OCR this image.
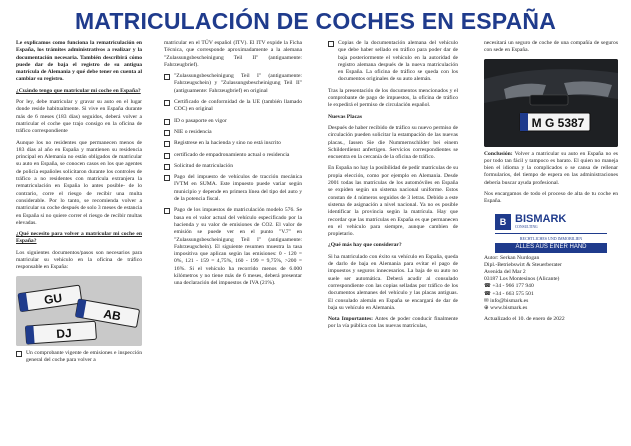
MATRICULACIÓN DE COCHES EN ESPAÑA

Le explicamos como funciona la rematriculación en España, los trámites administrativos a realizar y la documentación necesaria. También describirá cómo puede dar de baja el registro de su antigua matrícula de Alemania y qué debe tener en cuenta al cambiar su registro.

¿Cuándo tengo que matricular mi coche en España?

Por ley, debe matricular y gravar su auto en el lugar donde reside habitualmente. Si vive en España durante más de 6 meses (183 días) seguidos, deberá volver a matricular el coche que trajo consigo en la oficina de tráfico correspondiente

Aunque los no residentes que permanecen menos de 183 días al año en España y mantienen su residencia principal en Alemania no están obligados de matricular su auto en España, se conocen casos en los que agentes de policía españoles solicitaron durante los controles de tráfico a no residentes con matrícula extranjera la rematriculación en España lo antes posible- de lo contrario, corre el riesgo de recibir una multa considerable. Por lo tanto, se recomienda volver a matricular su coche después de solo 3 meses de estancia en España si no quiere correr el riesgo de recibir multas elevadas.

¿Qué necesito para volver a matricular mi coche en España?

Los siguientes documentos/pasos son necesarios para matricular su vehículo en la oficina de tráfico responsable en España:

GU
AB
DJ
Un comprobante vigente de emisiones e inspección general del coche para volver a

matricular en el TÜV español (ITV). El ITV expide la Ficha Técnica, que corresponde aproximadamente a la alemana "Zulassungsbescheinigung Teil II" (antiguamente: Fahrzeugbrief).

"Zulassungsbescheinigung Teil I" (antiguamente: Fahrzeugschein) y "Zulassungsbescheinigung Teil II" (antiguamente: Fahrzeugbrief) en original
Certificado de conformidad de la UE (también llamado COC) en original
ID o pasaporte en vigor
NIE o residencia
Registrese en la hacienda y sino no está inscrito
certificado de empadronamiento actual o residencia
Solicitud de matriculación
Pago del impuesto de vehículos de tracción mecánica IVTM en SUMA. Este impuesto puede variar según municipio y depende en primera línea del tipo del auto y de la potencia fiscal.
Pago de los impuestos de matriculación modelo 576. Se basa en el valor actual del vehículo especificado por la hacienda y su valor de emisiones de CO2. El valor de emisión se puede ver en el punto "V.7" en "Zulassungsbescheinigung Teil I" (antiguamente: Fahrzeugschein). El siguiente resumen muestra la tasa impositiva que aplican según las emisiones: 0 - 120 = 0%, 121 - 159 = 4,75%, 160 - 199 = 9,75%, >200 = 16%. Si el vehículo ha recorrido menos de 6.000 kilómetros y no tiene más de 6 meses, deberá presentar una declaración del impuestos de IVA (21%).
Copias de la documentación alemana del vehículo que debe haber sellado en tráfico para poder dar de baja posteriormente el vehículo en la autoridad de registro alemana después de la nueva matriculación en España. La oficina de tráfico se queda con los documentos originales de su auto alemán.

Tras la presentación de los documentos mencionados y el comprobante de pago de impuestos, la oficina de tráfico le expedirá el permiso de circulación español.

Nuevas Placas

Después de haber recibido de tráfico su nuevo permiso de circulación pueden solicitar la estampación de las nuevas placas., Iassen Sie die Nummernschilder bei einem Schilderdienst anfertigen. Servicios correspondientes se encuentra en la cercanía de la oficina de tráfico.

En España no hay la posibilidad de pedir matrículas de su propia elección, como por ejemplo en Alemania. Desde 2001 todas las matrículas de los automóviles en España se expiden según un sistema nacional uniforme. Estos constan de 4 números seguidos de 3 letras. Debido a este sistema de asignación a nivel nacional. Ya no es posible identificar la provincia según la matrícula. Hay que recordar que las matrículas en España es que permanecen en el vehículo para siempre, aunque cambien de propietario.

¿Qué más hay que considerar?

Si ha matriculado con éxito su vehículo en España, queda de darlo de baja en Alemania para evitar el pago de impuestos y seguros innecesarios. La baja de su auto no suele ser automática. Deberá acudir al consulado correspondiente con las copias selladas por tráfico de los documentos alemanes del vehículo y las placas antiguas. El consulado alemán en España se encargará de dar de baja su vehículo en Alemania.

Nota Importantes: Antes de poder conducir finalmente por la vía pública con las nuevas matrículas,

necesitará un seguro de coche de una compañía de seguros con sede en España.

M G 5387

Conclusión: Volver a matricular su auto en España no es por todo tan fácil y tampoco es barato. El quien no maneja bien el idioma y la complicados o se cansa de rellenar formularios, del tiempo de espera en las administraciones debería buscar ayuda profesional.

Nos encargamos de todo el proceso de alta de tu coche en España.

B BISMARK
CONSULTING
RECHTLICHES UND IMMOBILIEN
ALLES AUS EINER HAND
Autor: Serkan Nurdogan
Dipl.-Betriebswirt & Steuerberater
Avenida del Mar 2
03187 Los Montesinos (Alicante)
☎ +34 - 966 177 940
☎ +34 - 663 575 501
✉ info@bismark.es
⊕ www.bismark.es
Actualizado el 10. de enero de 2022
